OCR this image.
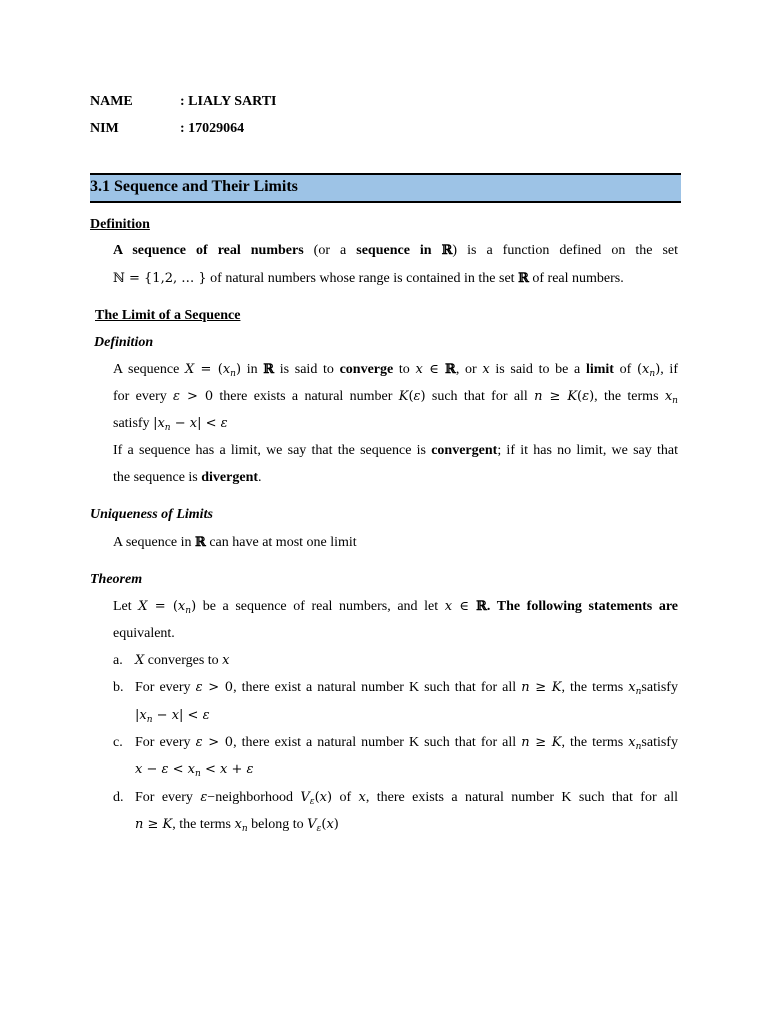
NAME	: LIALY SARTI
NIM	: 17029064
3.1 Sequence and Their Limits
Definition
A sequence of real numbers (or a sequence in ℝ) is a function defined on the set
ℕ = {1,2, … } of natural numbers whose range is contained in the set ℝ of real numbers.
The Limit of a Sequence
Definition
A sequence $X = (x_n)$ in ℝ is said to converge to x ∈ ℝ, or x is said to be a limit of $(x_n)$, if
for every ε > 0 there exists a natural number K(ε) such that for all n ≥ K(ε), the terms $x_n$
satisfy $|x_n - x| < \varepsilon$
If a sequence has a limit, we say that the sequence is convergent; if it has no limit, we say that
the sequence is divergent.
Uniqueness of Limits
A sequence in ℝ can have at most one limit
Theorem
Let $X = (x_n)$ be a sequence of real numbers, and let x ∈ ℝ. The following statements are
equivalent.
a. X converges to x
b. For every ε > 0, there exist a natural number K such that for all n ≥ K, the terms $x_nsatisfy$
$|x_n - x| < \varepsilon$
c. For every ε > 0, there exist a natural number K such that for all n ≥ K, the terms $x_nsatisfy$
$x - \varepsilon < x_n < x + \varepsilon$
d. For every ε−neighborhood $V_\varepsilon(x)$ of x, there exists a natural number K such that for all
n ≥ K, the terms $x_n$ belong to $V_\varepsilon(x)$
